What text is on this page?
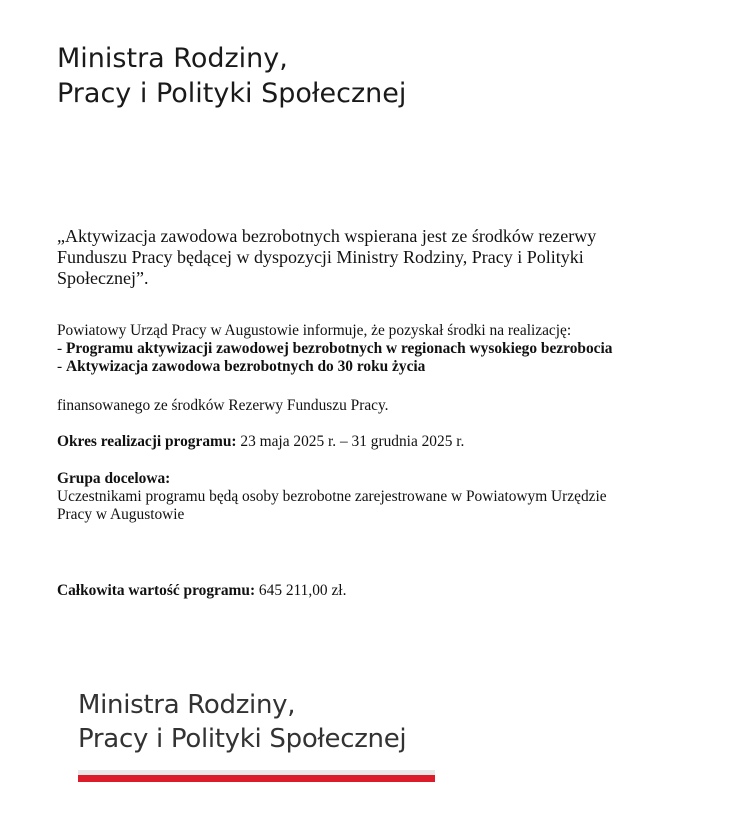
Ministra Rodziny,
Pracy i Polityki Społecznej

„Aktywizacja zawodowa bezrobotnych wspierana jest ze środków rezerwy
Funduszu Pracy będącej w dyspozycji Ministry Rodziny, Pracy i Polityki
Społecznej”.

Powiatowy Urząd Pracy w Augustowie informuje, że pozyskał środki na realizację:
- Programu aktywizacji zawodowej bezrobotnych w regionach wysokiego bezrobocia
- Aktywizacja zawodowa bezrobotnych do 30 roku życia

finansowanego ze środków Rezerwy Funduszu Pracy.

Okres realizacji programu: 23 maja 2025 r. – 31 grudnia 2025 r.

Grupa docelowa:
Uczestnikami programu będą osoby bezrobotne zarejestrowane w Powiatowym Urzędzie
Pracy w Augustowie

Całkowita wartość programu: 645 211,00 zł.

Ministra Rodziny,
Pracy i Polityki Społecznej
